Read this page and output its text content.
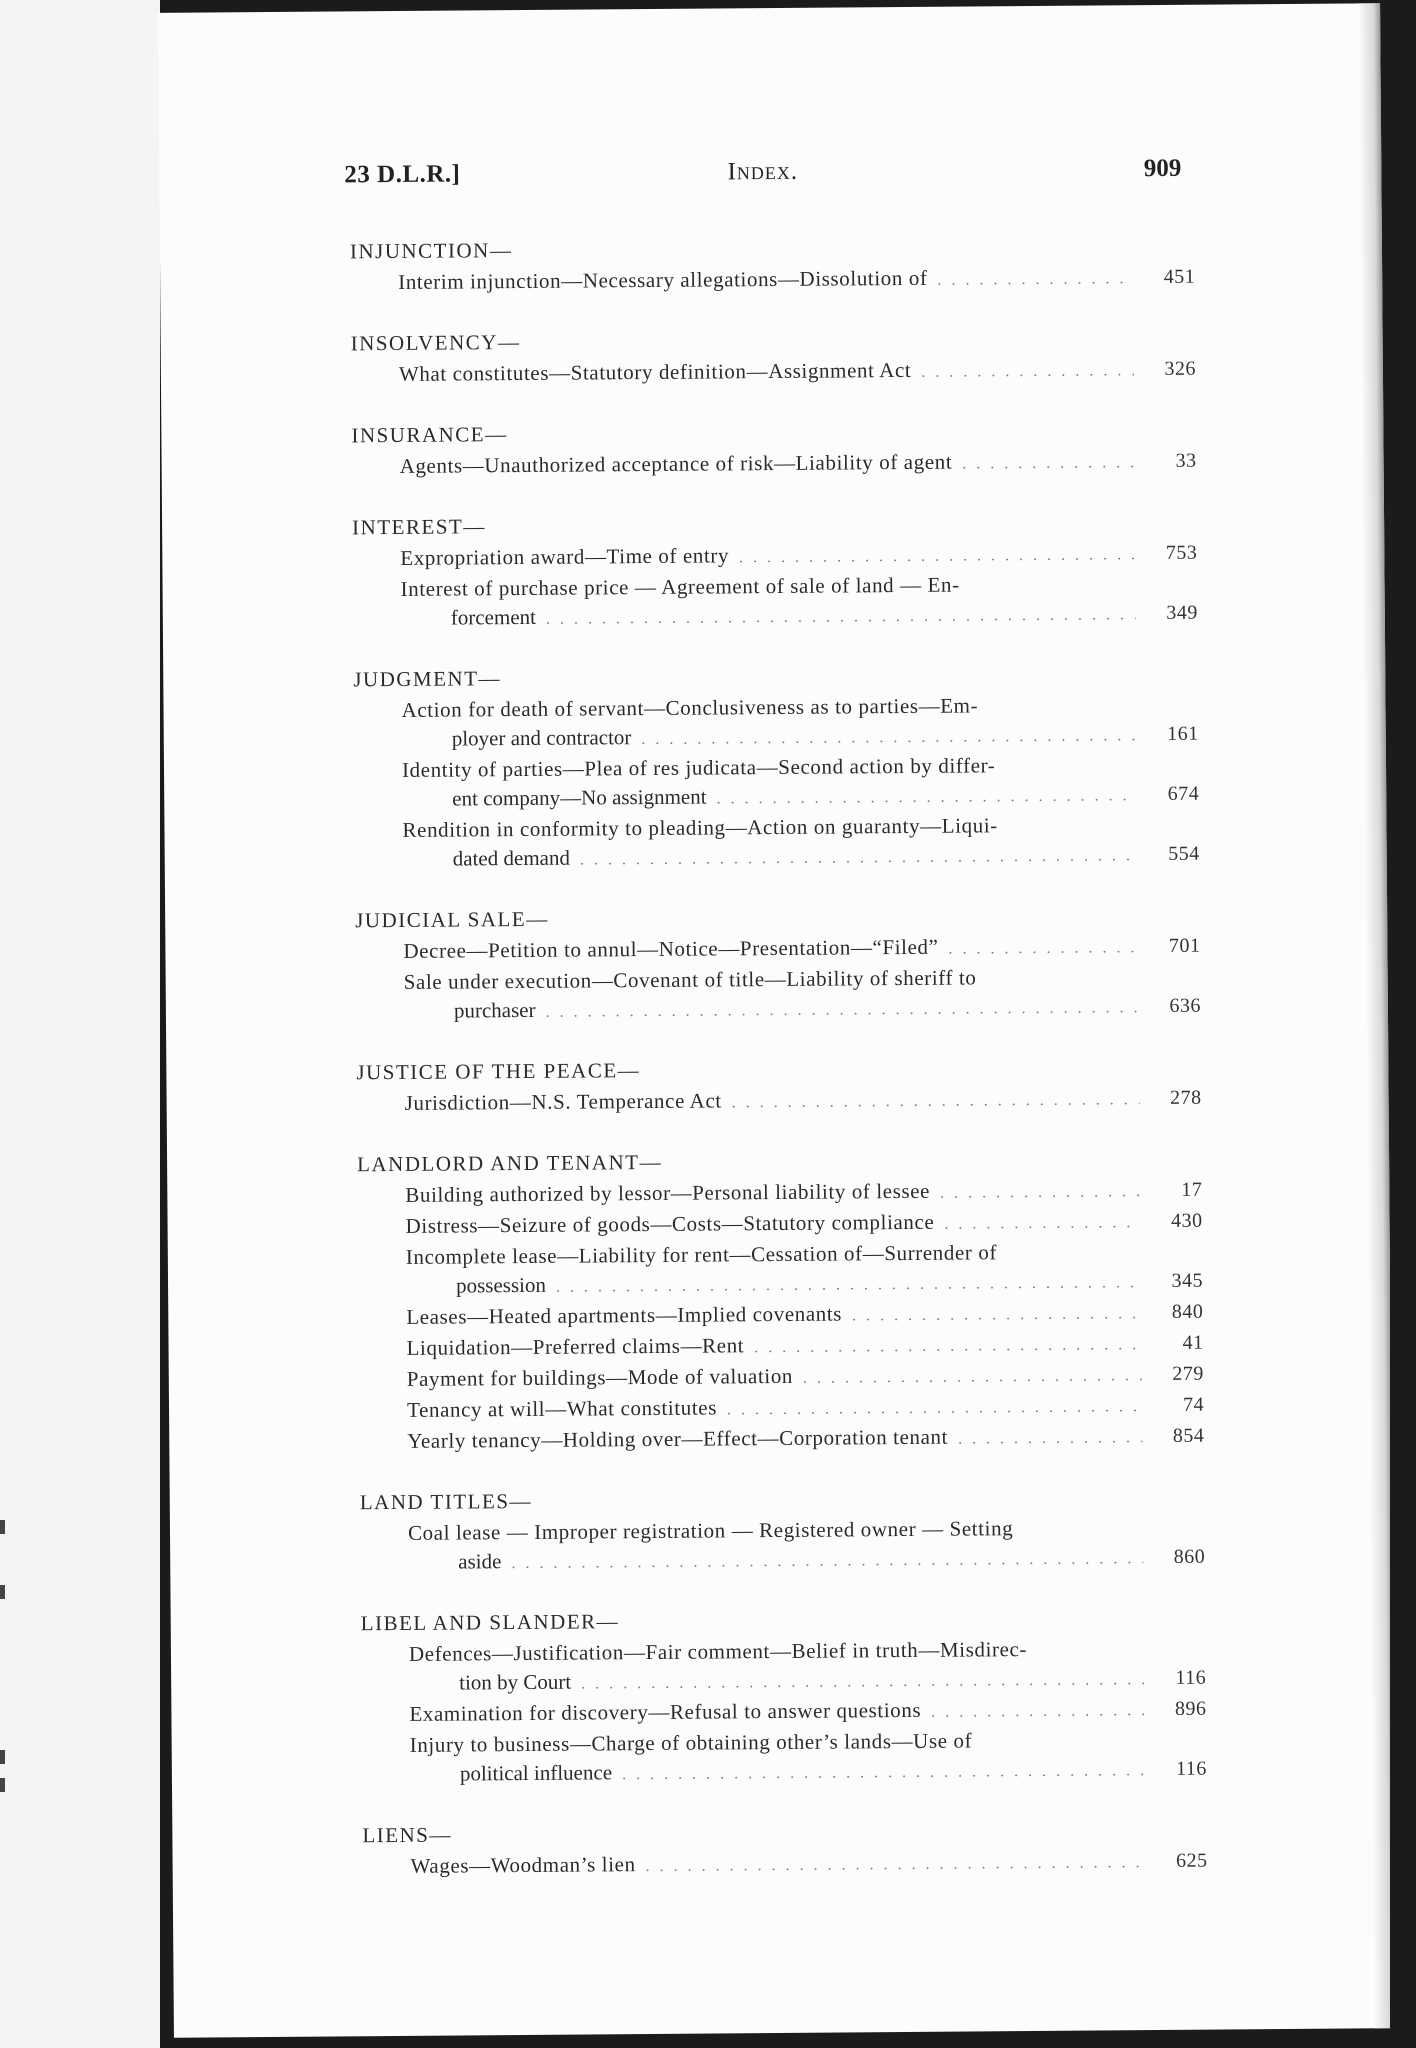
23 D.L.R.]	Index.	909
INJUNCTION—
Interim injunction—Necessary allegations—Dissolution of . . .	451
INSOLVENCY—
What constitutes—Statutory definition—Assignment Act . . .	326
INSURANCE—
Agents—Unauthorized acceptance of risk—Liability of agent . . .	33
INTEREST—
Expropriation award—Time of entry . . .	753
Interest of purchase price — Agreement of sale of land — En-
forcement . . .	349
JUDGMENT—
Action for death of servant—Conclusiveness as to parties—Em-
ployer and contractor . . .	161
Identity of parties—Plea of res judicata—Second action by differ-
ent company—No assignment . . .	674
Rendition in conformity to pleading—Action on guaranty—Liqui-
dated demand . . .	554
JUDICIAL SALE—
Decree—Petition to annul—Notice—Presentation—“Filed” . . .	701
Sale under execution—Covenant of title—Liability of sheriff to
purchaser . . .	636
JUSTICE OF THE PEACE—
Jurisdiction—N.S. Temperance Act . . .	278
LANDLORD AND TENANT—
Building authorized by lessor—Personal liability of lessee . . .	17
Distress—Seizure of goods—Costs—Statutory compliance . . .	430
Incomplete lease—Liability for rent—Cessation of—Surrender of
possession . . .	345
Leases—Heated apartments—Implied covenants . . .	840
Liquidation—Preferred claims—Rent . . .	41
Payment for buildings—Mode of valuation . . .	279
Tenancy at will—What constitutes . . .	74
Yearly tenancy—Holding over—Effect—Corporation tenant . . .	854
LAND TITLES—
Coal lease — Improper registration — Registered owner — Setting
aside . . .	860
LIBEL AND SLANDER—
Defences—Justification—Fair comment—Belief in truth—Misdirec-
tion by Court . . .	116
Examination for discovery—Refusal to answer questions . . .	896
Injury to business—Charge of obtaining other’s lands—Use of
political influence . . .	116
LIENS—
Wages—Woodman’s lien . . .	625
